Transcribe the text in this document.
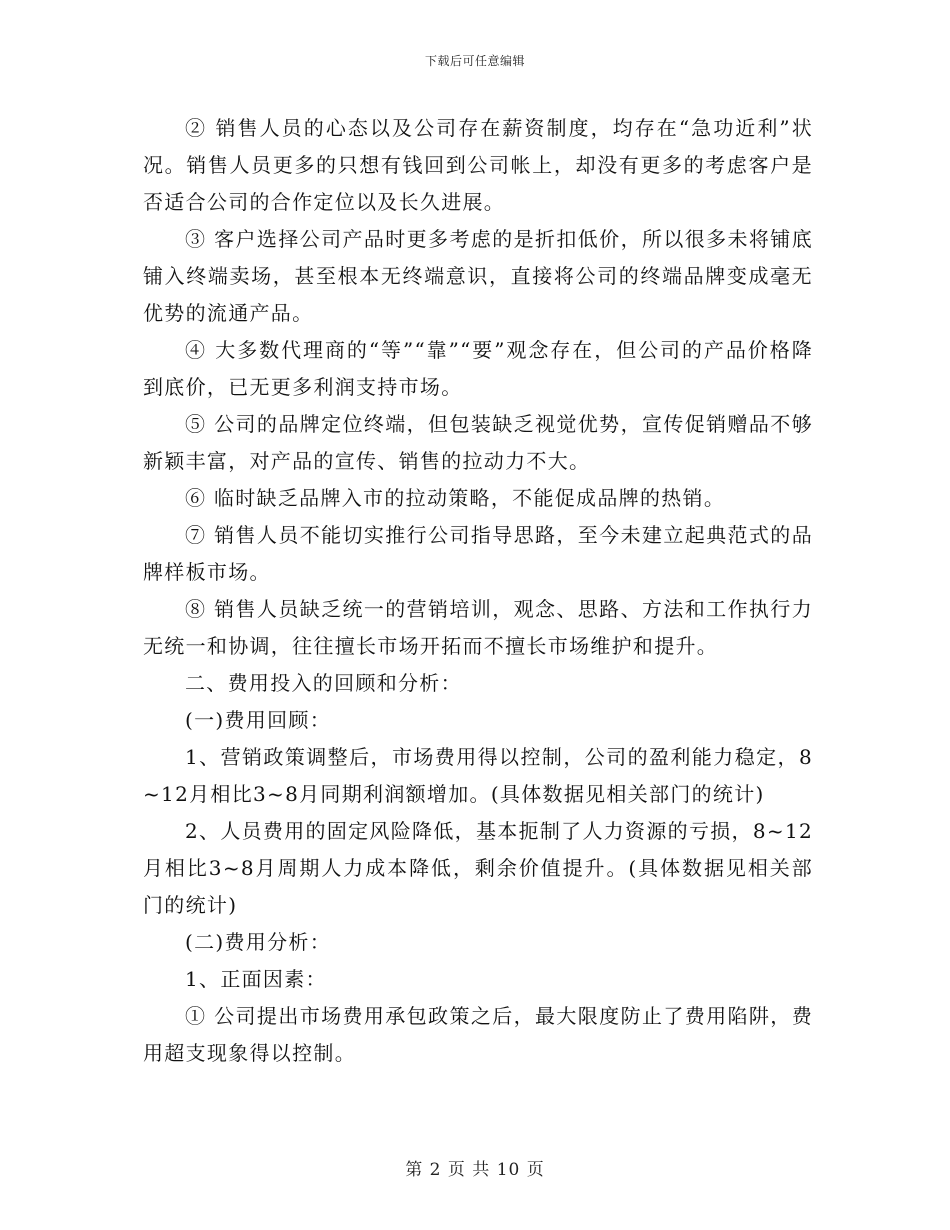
下载后可任意编辑

② 销售人员的心态以及公司存在薪资制度，均存在“急功近利”状况。销售人员更多的只想有钱回到公司帐上，却没有更多的考虑客户是否适合公司的合作定位以及长久进展。

③ 客户选择公司产品时更多考虑的是折扣低价，所以很多未将铺底铺入终端卖场，甚至根本无终端意识，直接将公司的终端品牌变成毫无优势的流通产品。

④ 大多数代理商的“等”“靠”“要”观念存在，但公司的产品价格降到底价，已无更多利润支持市场。

⑤ 公司的品牌定位终端，但包装缺乏视觉优势，宣传促销赠品不够新颖丰富，对产品的宣传、销售的拉动力不大。

⑥ 临时缺乏品牌入市的拉动策略，不能促成品牌的热销。

⑦ 销售人员不能切实推行公司指导思路，至今未建立起典范式的品牌样板市场。

⑧ 销售人员缺乏统一的营销培训，观念、思路、方法和工作执行力无统一和协调，往往擅长市场开拓而不擅长市场维护和提升。

二、费用投入的回顾和分析：

(一)费用回顾：

1、营销政策调整后，市场费用得以控制，公司的盈利能力稳定，8~12月相比3~8月同期利润额增加。(具体数据见相关部门的统计)

2、人员费用的固定风险降低，基本扼制了人力资源的亏损，8~12月相比3~8月周期人力成本降低，剩余价值提升。(具体数据见相关部门的统计)

(二)费用分析：

1、正面因素：

① 公司提出市场费用承包政策之后，最大限度防止了费用陷阱，费用超支现象得以控制。

第 2 页 共 10 页
